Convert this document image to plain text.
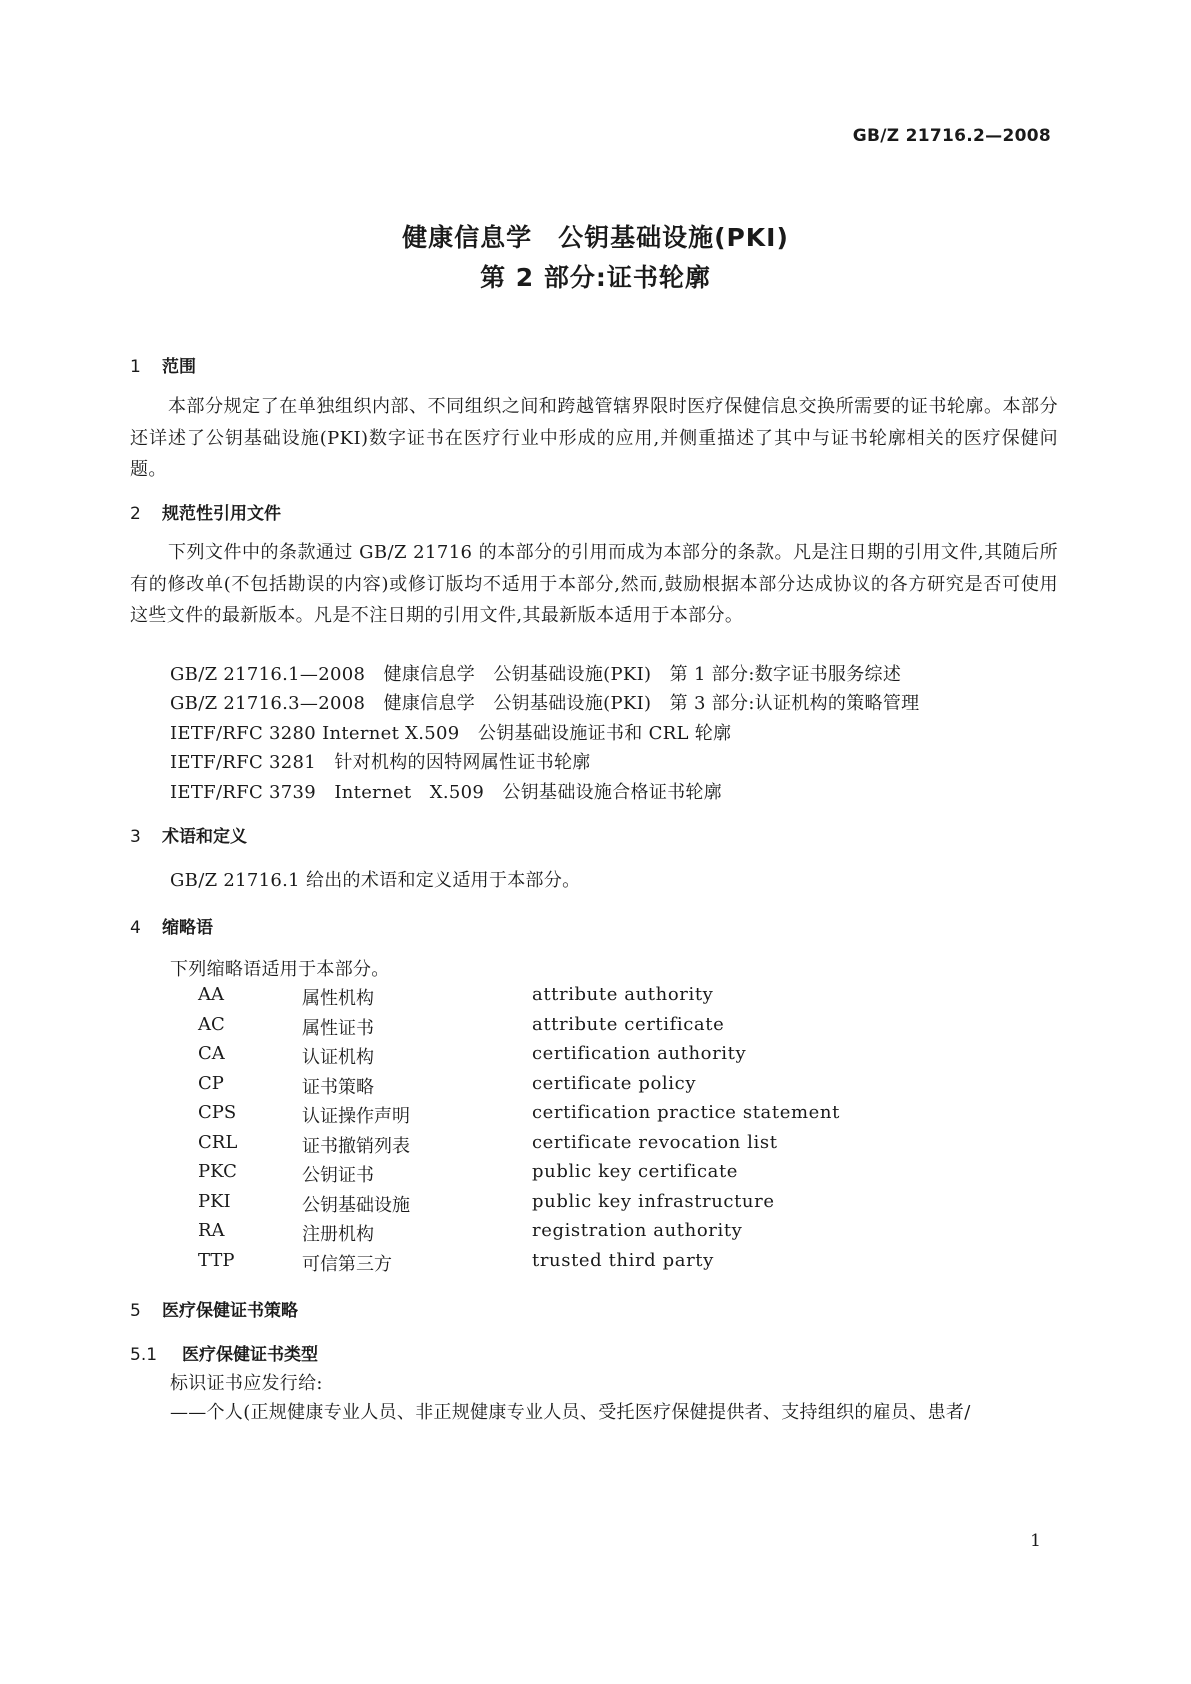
GB/Z 21716.2—2008
健康信息学　公钥基础设施(PKI)
第 2 部分:证书轮廓
1 范围
本部分规定了在单独组织内部、不同组织之间和跨越管辖界限时医疗保健信息交换所需要的证书轮廓。本部分还详述了公钥基础设施(PKI)数字证书在医疗行业中形成的应用,并侧重描述了其中与证书轮廓相关的医疗保健问题。
2 规范性引用文件
下列文件中的条款通过 GB/Z 21716 的本部分的引用而成为本部分的条款。凡是注日期的引用文件,其随后所有的修改单(不包括勘误的内容)或修订版均不适用于本部分,然而,鼓励根据本部分达成协议的各方研究是否可使用这些文件的最新版本。凡是不注日期的引用文件,其最新版本适用于本部分。
GB/Z 21716.1—2008　健康信息学　公钥基础设施(PKI)　第 1 部分:数字证书服务综述
GB/Z 21716.3—2008　健康信息学　公钥基础设施(PKI)　第 3 部分:认证机构的策略管理
IETF/RFC 3280 Internet X.509　公钥基础设施证书和 CRL 轮廓
IETF/RFC 3281　针对机构的因特网属性证书轮廓
IETF/RFC 3739　Internet　X.509　公钥基础设施合格证书轮廓
3 术语和定义
GB/Z 21716.1 给出的术语和定义适用于本部分。
4 缩略语
下列缩略语适用于本部分。
AA	属性机构	attribute authority
AC	属性证书	attribute certificate
CA	认证机构	certification authority
CP	证书策略	certificate policy
CPS	认证操作声明	certification practice statement
CRL	证书撤销列表	certificate revocation list
PKC	公钥证书	public key certificate
PKI	公钥基础设施	public key infrastructure
RA	注册机构	registration authority
TTP	可信第三方	trusted third party
5 医疗保健证书策略
5.1 医疗保健证书类型
标识证书应发行给:
——个人(正规健康专业人员、非正规健康专业人员、受托医疗保健提供者、支持组织的雇员、患者/
1
